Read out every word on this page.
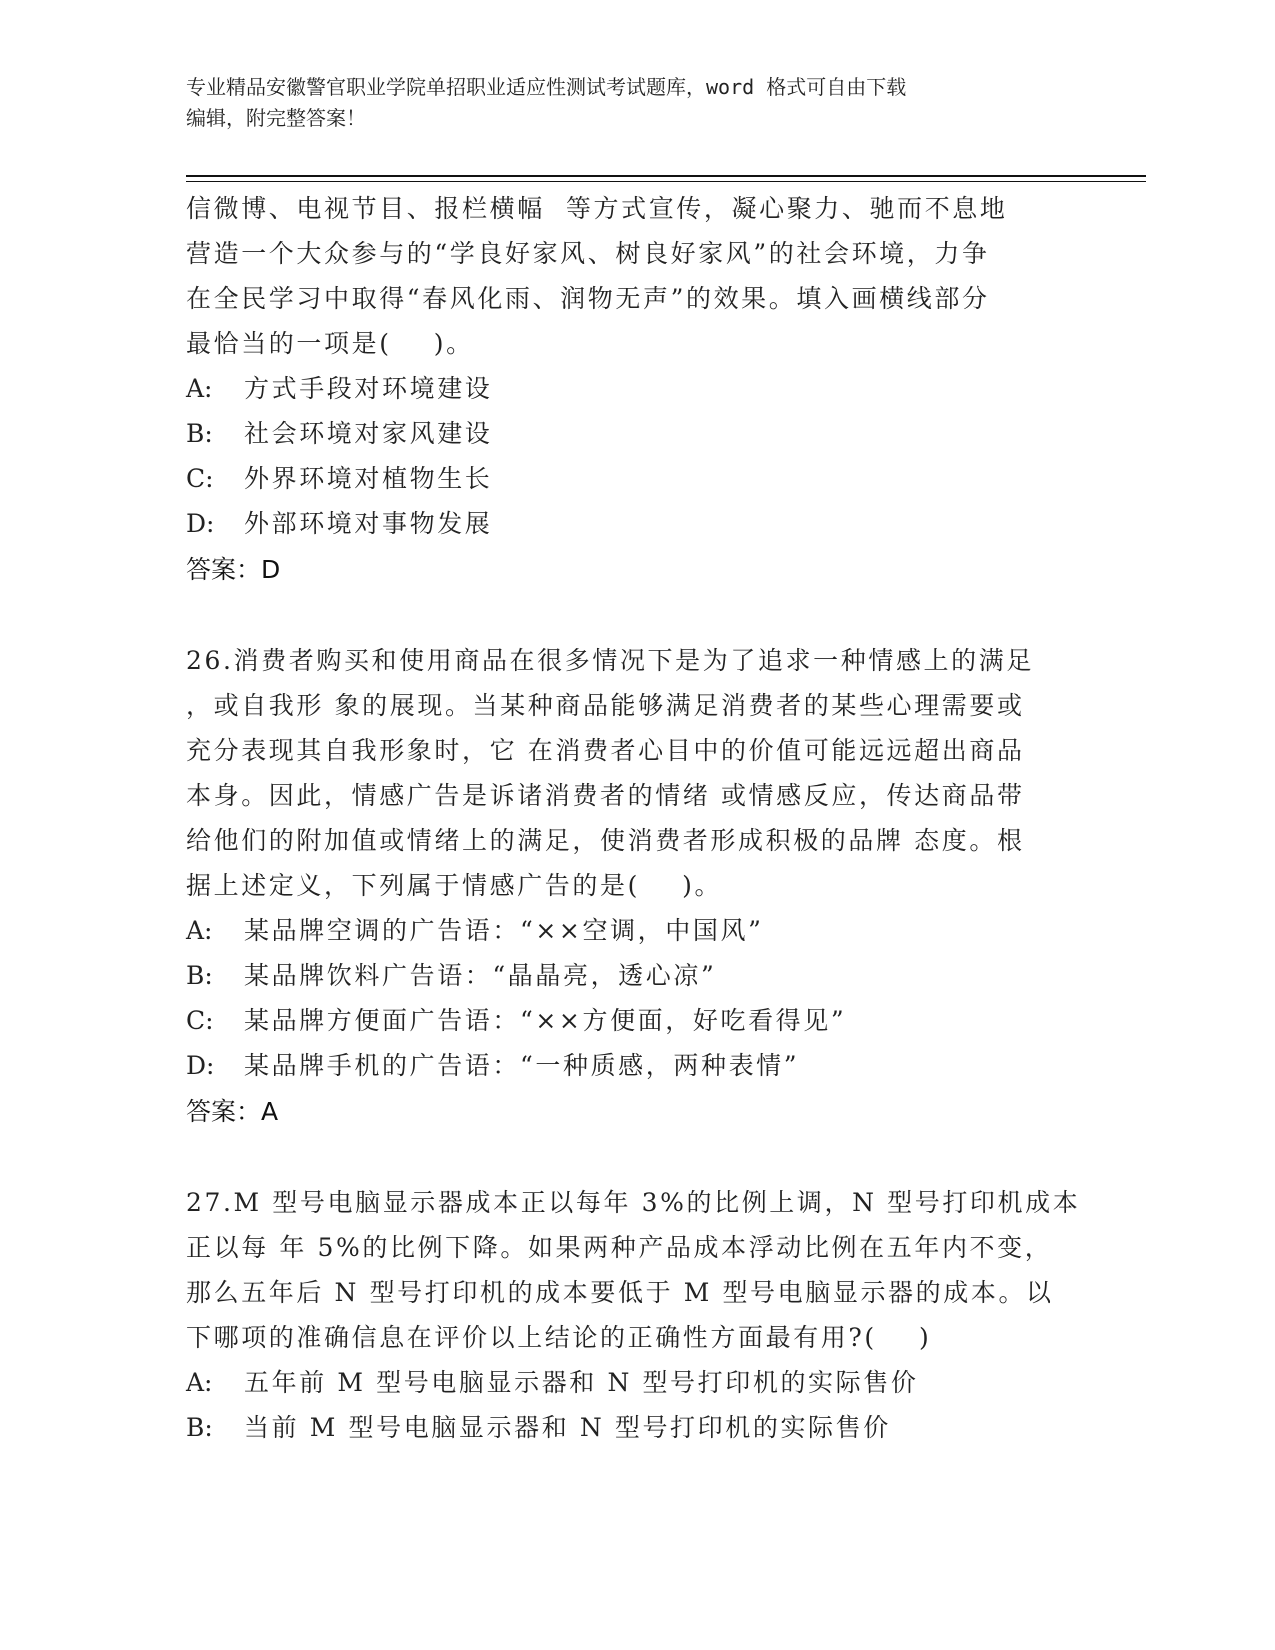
专业精品安徽警官职业学院单招职业适应性测试考试题库，word 格式可自由下载
编辑，附完整答案！
信微博、电视节目、报栏横幅  等方式宣传，凝心聚力、驰而不息地
营造一个大众参与的“学良好家风、树良好家风”的社会环境，力争
在全民学习中取得“春风化雨、润物无声”的效果。填入画横线部分
最恰当的一项是(    )。
A: 方式手段对环境建设
B: 社会环境对家风建设
C: 外界环境对植物生长
D: 外部环境对事物发展
答案：D
26.消费者购买和使用商品在很多情况下是为了追求一种情感上的满足
，或自我形 象的展现。当某种商品能够满足消费者的某些心理需要或
充分表现其自我形象时，它 在消费者心目中的价值可能远远超出商品
本身。因此，情感广告是诉诸消费者的情绪 或情感反应，传达商品带
给他们的附加值或情绪上的满足，使消费者形成积极的品牌 态度。根
据上述定义，下列属于情感广告的是(    )。
A: 某品牌空调的广告语：“××空调，中国风”
B: 某品牌饮料广告语：“晶晶亮，透心凉”
C: 某品牌方便面广告语：“××方便面，好吃看得见”
D: 某品牌手机的广告语：“一种质感，两种表情”
答案：A
27.M 型号电脑显示器成本正以每年 3%的比例上调，N 型号打印机成本
正以每 年 5%的比例下降。如果两种产品成本浮动比例在五年内不变，
那么五年后 N 型号打印机的成本要低于 M 型号电脑显示器的成本。以
下哪项的准确信息在评价以上结论的正确性方面最有用?(    )
A: 五年前 M 型号电脑显示器和 N 型号打印机的实际售价
B: 当前 M 型号电脑显示器和 N 型号打印机的实际售价
